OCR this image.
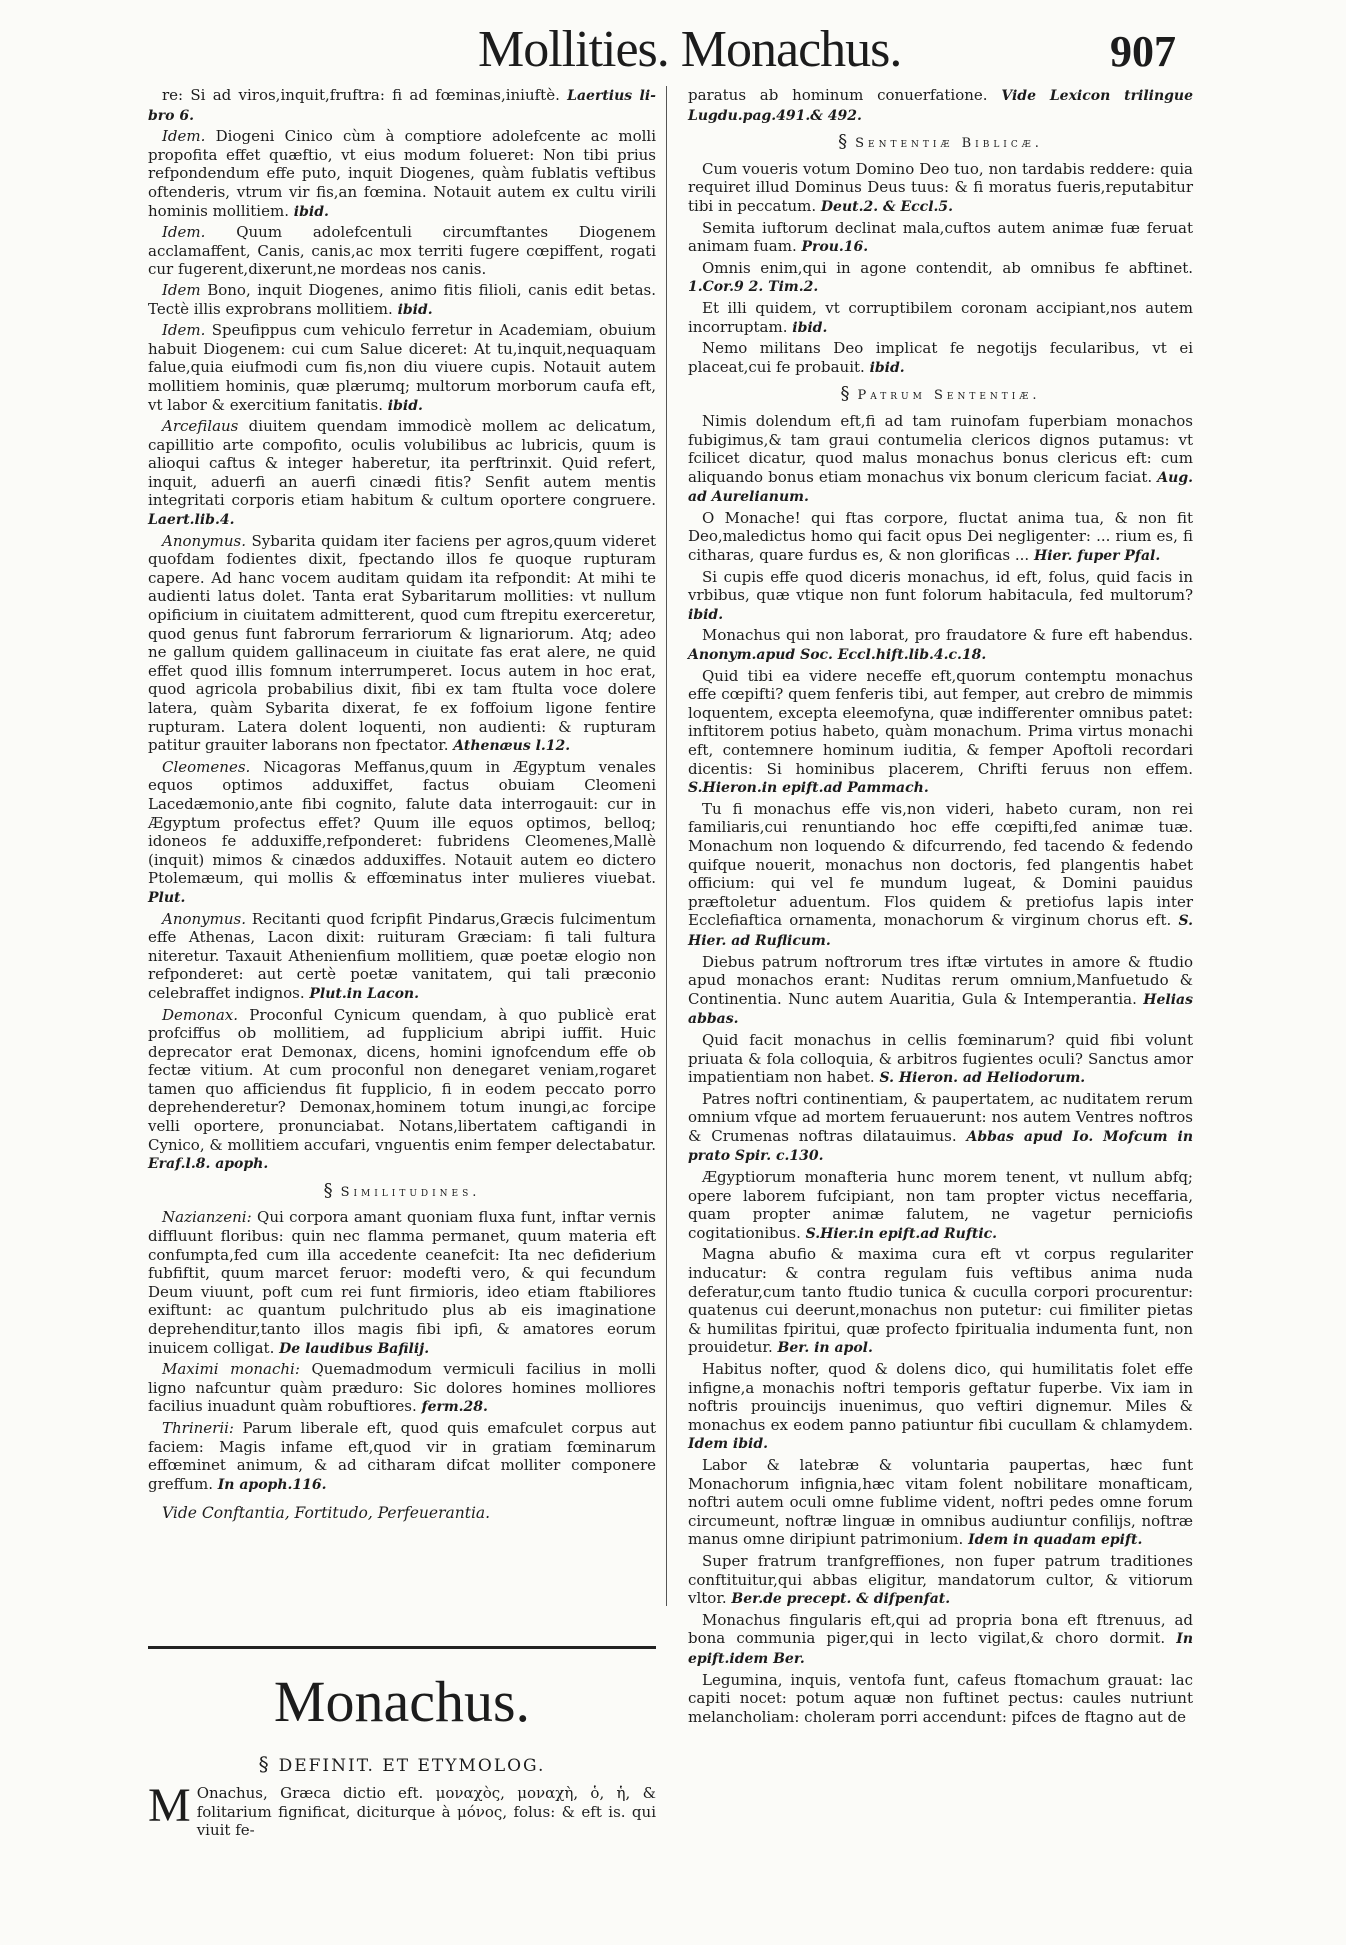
Mollities. Monachus.	907

re: Si ad viros,inquit,fruftra: fi ad fœminas,iniuftè. Laertius li- bro 6.

Idem. Diogeni Cinico cùm à comptiore adolefcente ac molli propofita effet quæftio, vt eius modum folueret: Non tibi prius refpondendum effe puto, inquit Diogenes, quàm fublatis veftibus oftenderis, vtrum vir fis,an fœmina. Notauit autem ex cultu virili hominis mollitiem. ibid.

Idem. Quum adolefcentuli circumftantes Diogenem acclamaffent, Canis, canis,ac mox territi fugere cœpiffent, rogati cur fugerent,dixerunt,ne mordeas nos canis.

Idem Bono, inquit Diogenes, animo fitis filioli, canis edit betas. Tectè illis exprobrans mollitiem. ibid.

Idem. Speufippus cum vehiculo ferretur in Academiam, obuium habuit Diogenem: cui cum Salue diceret: At tu,inquit,nequaquam falue,quia eiufmodi cum fis,non diu viuere cupis. Notauit autem mollitiem hominis, quæ plærumq; multorum morborum caufa eft, vt labor & exercitium fanitatis. ibid.

Arcefilaus diuitem quendam immodicè mollem ac delicatum, capillitio arte compofito, oculis volubilibus ac lubricis, quum is alioqui caftus & integer haberetur, ita perftrinxit. Quid refert, inquit, aduerfi an auerfi cinædi fitis? Senfit autem mentis integritati corporis etiam habitum & cultum oportere congruere. Laert.lib.4.

Anonymus. Sybarita quidam iter faciens per agros,quum videret quofdam fodientes dixit, fpectando illos fe quoque rupturam capere. Ad hanc vocem auditam quidam ita refpondit: At mihi te audienti latus dolet. Tanta erat Sybaritarum mollities: vt nullum opificium in ciuitatem admitterent, quod cum ftrepitu exerceretur, quod genus funt fabrorum ferrariorum & lignariorum. Atq; adeo ne gallum quidem gallinaceum in ciuitate fas erat alere, ne quid effet quod illis fomnum interrumperet. Iocus autem in hoc erat, quod agricola probabilius dixit, fibi ex tam ftulta voce dolere latera, quàm Sybarita dixerat, fe ex foffoium ligone fentire rupturam. Latera dolent loquenti, non audienti: & rupturam patitur grauiter laborans non fpectator. Athenæus l.12.

Cleomenes. Nicagoras Meffanus,quum in Ægyptum venales equos optimos adduxiffet, factus obuiam Cleomeni Lacedæmonio,ante fibi cognito, falute data interrogauit: cur in Ægyptum profectus effet? Quum ille equos optimos, belloq; idoneos fe adduxiffe,refponderet: fubridens Cleomenes,Mallè (inquit) mimos & cinædos adduxiffes. Notauit autem eo dictero Ptolemæum, qui mollis & effœminatus inter mulieres viuebat. Plut.

Anonymus. Recitanti quod fcripfit Pindarus,Græcis fulcimentum effe Athenas, Lacon dixit: ruituram Græciam: fi tali fultura niteretur. Taxauit Athenienfium mollitiem, quæ poetæ elogio non refponderet: aut certè poetæ vanitatem, qui tali præconio celebraffet indignos. Plut.in Lacon.

Demonax. Proconful Cynicum quendam, à quo publicè erat profciffus ob mollitiem, ad fupplicium abripi iuffit. Huic deprecator erat Demonax, dicens, homini ignofcendum effe ob fectæ vitium. At cum proconful non denegaret veniam,rogaret tamen quo afficiendus fit fupplicio, fi in eodem peccato porro deprehenderetur? Demonax,hominem totum inungi,ac forcipe velli oportere, pronunciabat. Notans,libertatem caftigandi in Cynico, & mollitiem accufari, vnguentis enim femper delectabatur. Eraf.l.8. apoph.

§ Similitudines.

Nazianzeni: Qui corpora amant quoniam fluxa funt, inftar vernis diffluunt floribus: quin nec flamma permanet, quum materia eft confumpta,fed cum illa accedente ceanefcit: Ita nec defiderium fubfiftit, quum marcet feruor: modefti vero, & qui fecundum Deum viuunt, poft cum rei funt firmioris, ideo etiam ftabiliores exiftunt: ac quantum pulchritudo plus ab eis imaginatione deprehenditur,tanto illos magis fibi ipfi, & amatores eorum inuicem colligat. De laudibus Bafilij.

Maximi monachi: Quemadmodum vermiculi facilius in molli ligno nafcuntur quàm prædurο: Sic dolores homines molliores facilius inuadunt quàm robuftiores. ferm.28.

Thrinerii: Parum liberale eft, quod quis emafculet corpus aut faciem: Magis infame eft,quod vir in gratiam fœminarum effœminet animum, & ad citharam difcat molliter componere greffum. In apoph.116.

Vide Conftantia, Fortitudo, Perfeuerantia.

Monachus.
§ DEFINIT. ET ETYMOLOG.
M Onachus, Græca dictio eft. μοναχὸς, μοναχὴ, ὁ, ἡ, & folitarium fignificat, diciturque à μόνος, folus: & eft is. qui viuit fe-

paratus ab hominum conuerfatione. Vide Lexicon trilingue Lugdu.pag.491.& 492.

§ Sententiæ Biblicæ.

Cum voueris votum Domino Deo tuo, non tardabis reddere: quia requiret illud Dominus Deus tuus: & fi moratus fueris,reputabitur tibi in peccatum. Deut.2. & Eccl.5.

Semita iuftorum declinat mala,cuftos autem animæ fuæ feruat animam fuam. Prou.16.

Omnis enim,qui in agone contendit, ab omnibus fe abftinet. 1.Cor.9 2. Tim.2.

Et illi quidem, vt corruptibilem coronam accipiant,nos autem incorruptam. ibid.

Nemo militans Deo implicat fe negotijs fecularibus, vt ei placeat,cui fe probauit. ibid.

§ Patrum Sententiæ.

Nimis dolendum eft,fi ad tam ruinofam fuperbiam monachos fubigimus,& tam graui contumelia clericos dignos putamus: vt fcilicet dicatur, quod malus monachus bonus clericus eft: cum aliquando bonus etiam monachus vix bonum clericum faciat. Aug. ad Aurelianum.

O Monache! qui ftas corpore, fluctat anima tua, & non fit Deo,maledictus homo qui facit opus Dei negligenter: ... rium es, fi citharas, quare furdus es, & non glorificas ... Hier. fuper Pfal.

Si cupis effe quod diceris monachus, id eft, folus, quid facis in vrbibus, quæ vtique non funt folorum habitacula, fed multorum? ibid.

Monachus qui non laborat, pro fraudatore & fure eft habendus. Anonym.apud Soc. Eccl.hift.lib.4.c.18.

Quid tibi ea videre neceffe eft,quorum contemptu monachus effe cœpifti? quem fenferis tibi, aut femper, aut crebro de mimmis loquentem, excepta eleemofyna, quæ indifferenter omnibus patet: inftitorem potius habeto, quàm monachum. Prima virtus monachi eft, contemnere hominum iuditia, & femper Apoftoli recordari dicentis: Si hominibus placerem, Chrifti feruus non effem. S.Hieron.in epift.ad Pammach.

Tu fi monachus effe vis,non videri, habeto curam, non rei familiaris,cui renuntiando hoc effe cœpifti,fed animæ tuæ. Monachum non loquendo & difcurrendo, fed tacendo & fedendo quifque nouerit, monachus non doctoris, fed plangentis habet officium: qui vel fe mundum lugeat, & Domini pauidus præftoletur aduentum. Flos quidem & pretiofus lapis inter Ecclefiaftica ornamenta, monachorum & virginum chorus eft. S. Hier. ad Ruflicum.

Diebus patrum noftrorum tres iftæ virtutes in amore & ftudio apud monachos erant: Nuditas rerum omnium,Manfuetudo & Continentia. Nunc autem Auaritia, Gula & Intemperantia. Helias abbas.

Quid facit monachus in cellis fœminarum? quid fibi volunt priuata & fola colloquia, & arbitros fugientes oculi? Sanctus amor impatientiam non habet. S. Hieron. ad Heliodorum.

Patres noftri continentiam, & paupertatem, ac nuditatem rerum omnium vfque ad mortem feruauerunt: nos autem Ventres noftros & Crumenas noftras dilatauimus. Abbas apud Io. Mofcum in prato Spir. c.130.

Ægyptiorum monafteria hunc morem tenent, vt nullum abfq; opere laborem fufcipiant, non tam propter victus neceffaria, quam propter animæ falutem, ne vagetur perniciofis cogitationibus. S.Hier.in epift.ad Ruftic.

Magna abufio & maxima cura eft vt corpus regulariter inducatur: & contra regulam fuis veftibus anima nuda deferatur,cum tanto ftudio tunica & cuculla corpori procurentur: quatenus cui deerunt,monachus non putetur: cui fimiliter pietas & humilitas fpiritui, quæ profecto fpiritualia indumenta funt, non prouidetur. Ber. in apol.

Habitus nofter, quod & dolens dico, qui humilitatis folet effe infigne,a monachis noftri temporis geftatur fuperbe. Vix iam in noftris prouincijs inuenimus, quo veftiri dignemur. Miles & monachus ex eodem panno patiuntur fibi cucullam & chlamydem. Idem ibid.

Labor & latebræ & voluntaria paupertas, hæc funt Monachorum infignia,hæc vitam folent nobilitare monafticam, noftri autem oculi omne fublime vident, noftri pedes omne forum circumeunt, noftræ linguæ in omnibus audiuntur confilijs, noftræ manus omne diripiunt patrimonium. Idem in quadam epift.

Super fratrum tranfgreffiones, non fuper patrum traditiones conftituitur,qui abbas eligitur, mandatorum cultor, & vitiorum vltor. Ber.de precept. & difpenfat.

Monachus fingularis eft,qui ad propria bona eft ftrenuus, ad bona communia piger,qui in lecto vigilat,& choro dormit. In epift.idem Ber.

Legumina, inquis, ventofa funt, cafeus ftomachum grauat: lac capiti nocet: potum aquæ non fuftinet pectus: caules nutriunt melancholiam: choleram porri accendunt: pifces de ftagno aut de
